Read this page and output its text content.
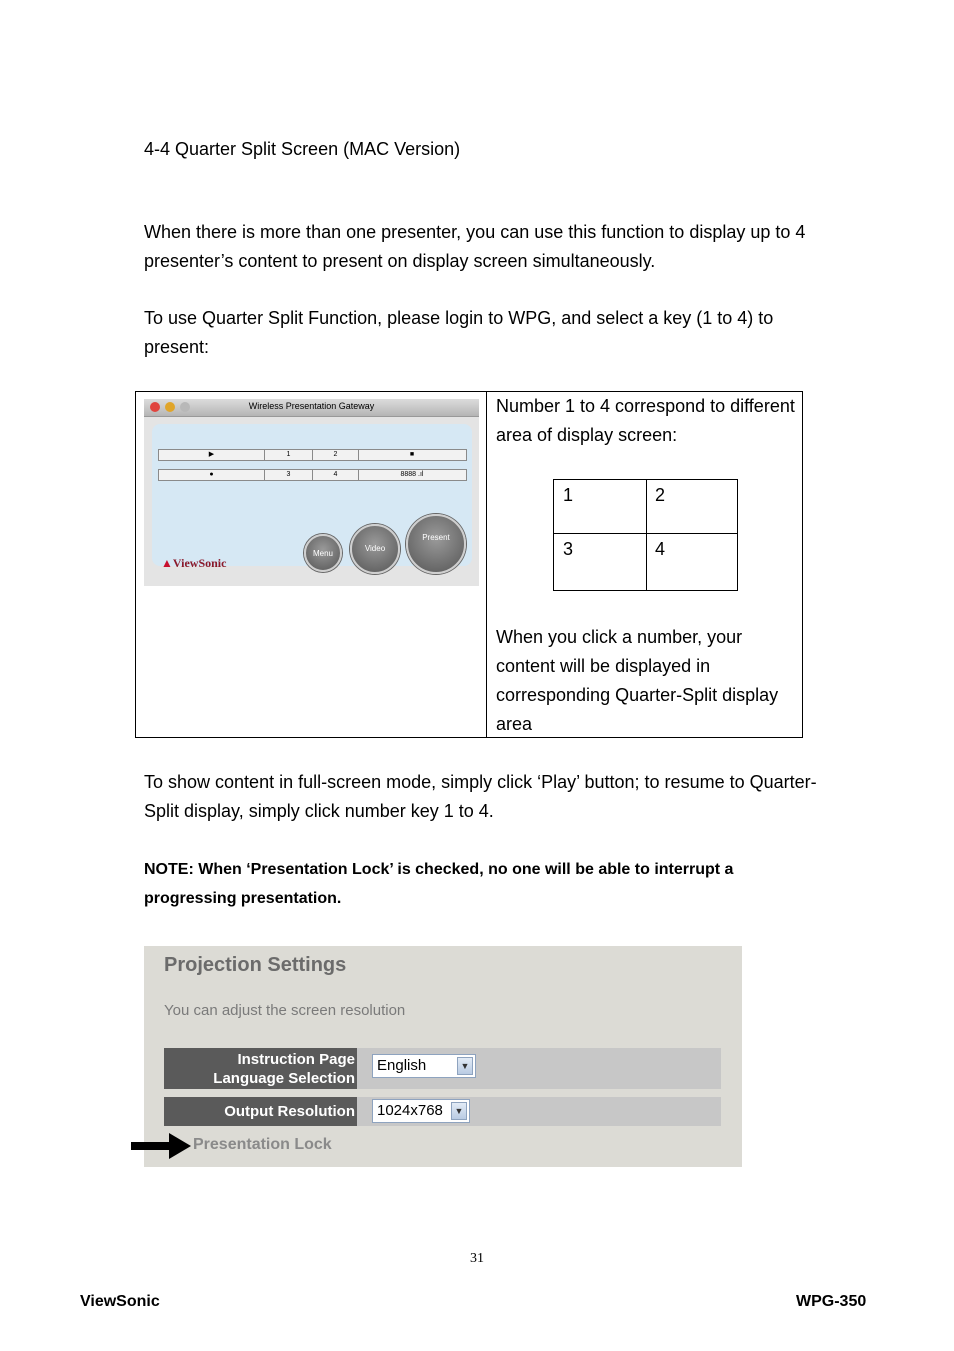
4-4 Quarter Split Screen (MAC Version)

When there is more than one presenter, you can use this function to display up to 4 presenter’s content to present on display screen simultaneously.

To use Quarter Split Function, please login to WPG, and select a key (1 to 4) to present:

Wireless Presentation Gateway
▶	1	2	■
●	3	4	8888 .ıl
Menu
Video
Present
▲ViewSonic
Number 1 to 4 correspond to different area of display screen:
1	2
3	4
When you click a number, your content will be displayed in corresponding Quarter-Split display area

To show content in full-screen mode, simply click ‘Play’ button; to resume to Quarter-Split display, simply click number key 1 to 4.

NOTE: When ‘Presentation Lock’ is checked, no one will be able to interrupt a progressing presentation.

Projection Settings
You can adjust the screen resolution
Instruction Page
Language Selection
English	▼
Output Resolution	1024x768	▼
Presentation Lock
31
ViewSonic	WPG-350
